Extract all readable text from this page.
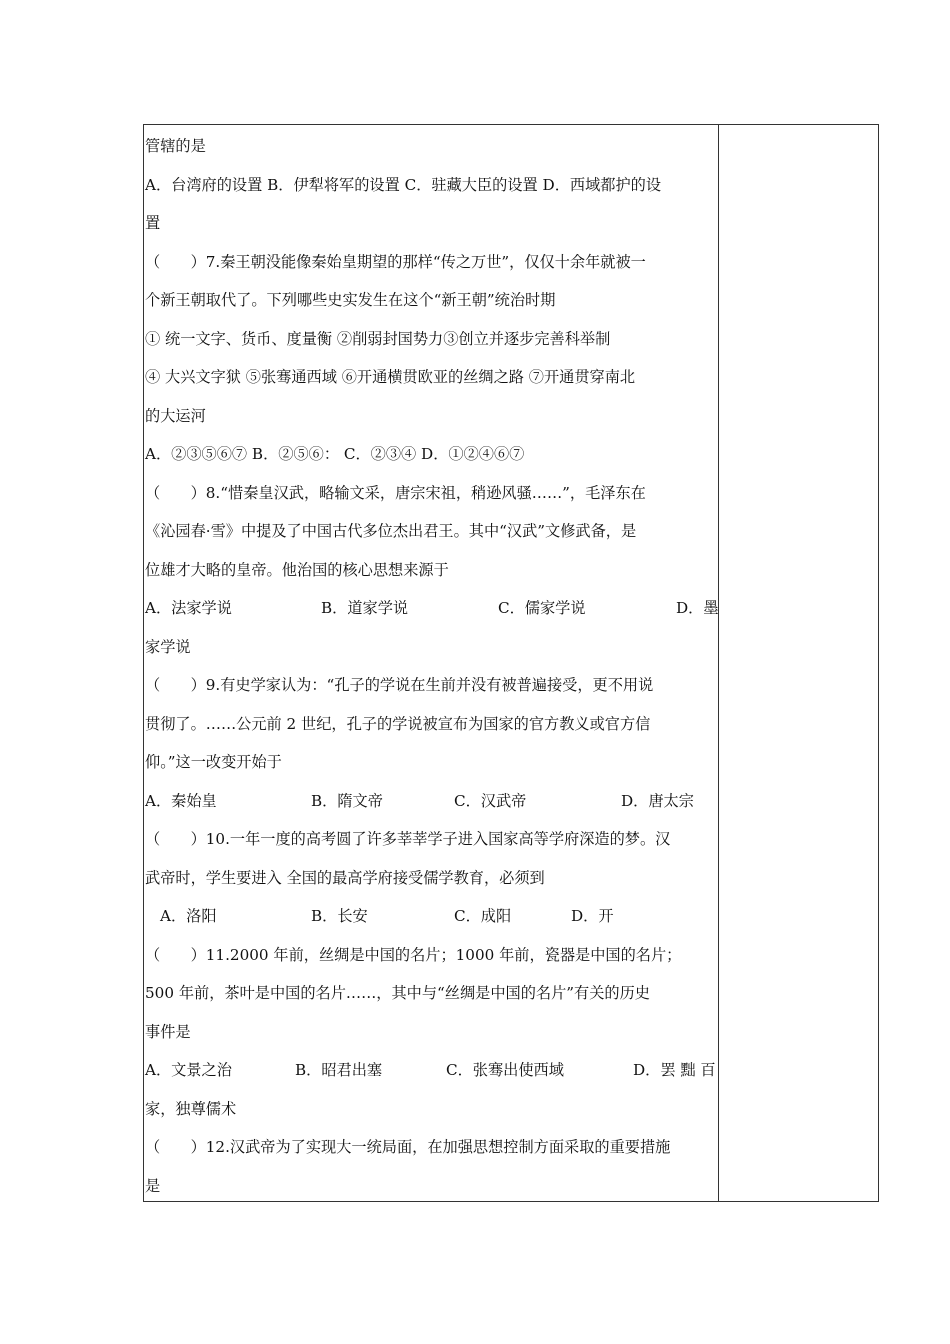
管辖的是
A．台湾府的设置 B．伊犁将军的设置 C．驻藏大臣的设置 D．西域都护的设
置
（　　）7.秦王朝没能像秦始皇期望的那样“传之万世”，仅仅十余年就被一
个新王朝取代了。下列哪些史实发生在这个“新王朝”统治时期
① 统一文字、货币、度量衡 ②削弱封国势力③创立并逐步完善科举制
④ 大兴文字狱 ⑤张骞通西域 ⑥开通横贯欧亚的丝绸之路 ⑦开通贯穿南北
的大运河
A．②③⑤⑥⑦ B．②⑤⑥： C．②③④ D．①②④⑥⑦
（　　）8.“惜秦皇汉武，略输文采，唐宗宋祖，稍逊风骚……”，毛泽东在
《沁园春·雪》中提及了中国古代多位杰出君王。其中“汉武”文修武备，是
位雄才大略的皇帝。他治国的核心思想来源于
A．法家学说	B．道家学说	C．儒家学说	D．墨
家学说
（　　）9.有史学家认为：“孔子的学说在生前并没有被普遍接受，更不用说
贯彻了。……公元前 2 世纪，孔子的学说被宣布为国家的官方教义或官方信
仰。”这一改变开始于
A．秦始皇	B．隋文帝	C．汉武帝	D．唐太宗
（　　）10.一年一度的高考圆了许多莘莘学子进入国家高等学府深造的梦。汉
武帝时，学生要进入 全国的最高学府接受儒学教育，必须到
A．洛阳	B．长安	C．成阳	D．开
（　　）11.2000 年前，丝绸是中国的名片；1000 年前，瓷器是中国的名片；
500 年前，茶叶是中国的名片……，其中与“丝绸是中国的名片”有关的历史
事件是
A．文景之治	B．昭君出塞	C．张骞出使西域	D．罢 黜 百
家，独尊儒术
（　　）12.汉武帝为了实现大一统局面，在加强思想控制方面采取的重要措施
是
